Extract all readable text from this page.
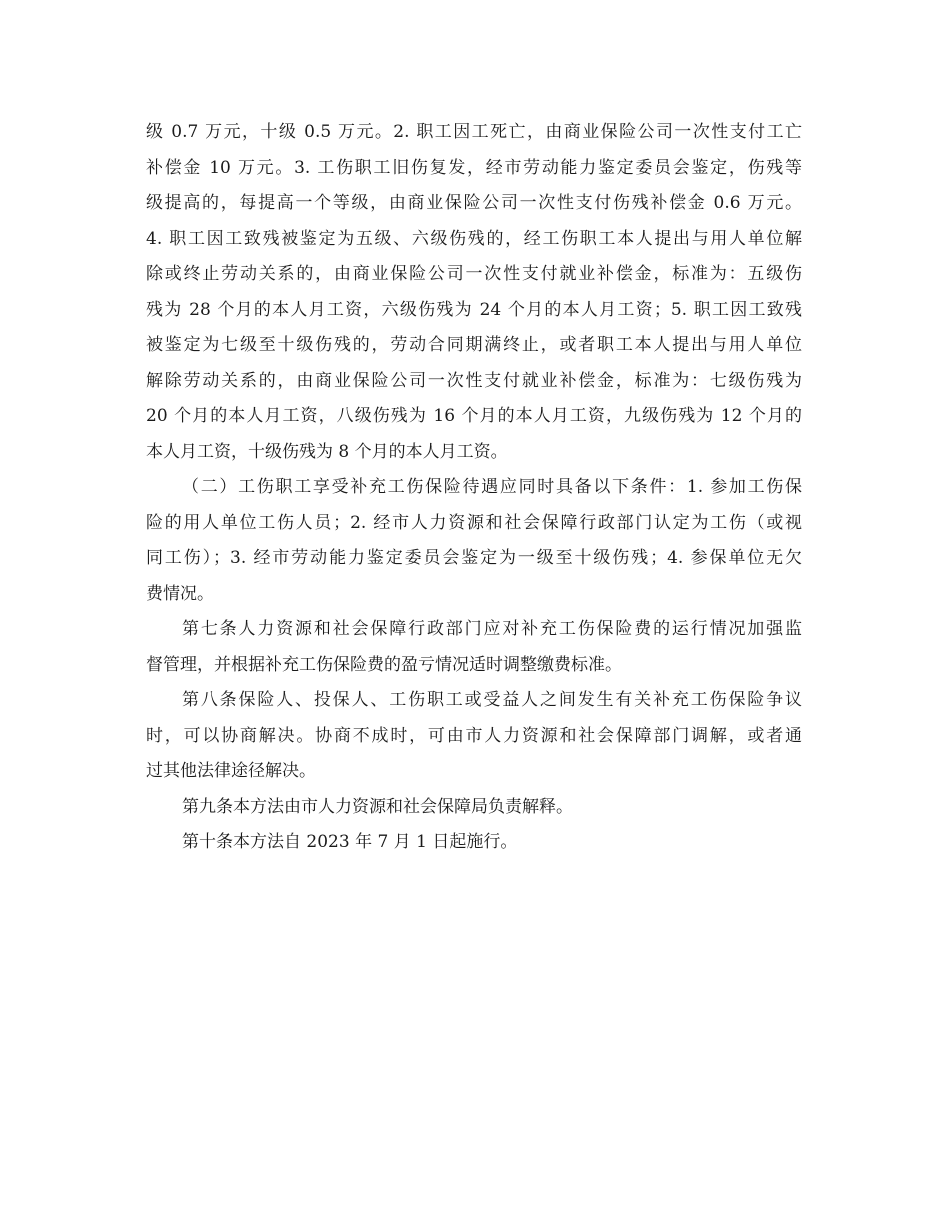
级 0.7 万元，十级 0.5 万元。2. 职工因工死亡，由商业保险公司一次性支付工亡
补偿金 10 万元。3. 工伤职工旧伤复发，经市劳动能力鉴定委员会鉴定，伤残等
级提高的，每提高一个等级，由商业保险公司一次性支付伤残补偿金 0.6 万元。
4. 职工因工致残被鉴定为五级、六级伤残的，经工伤职工本人提出与用人单位解
除或终止劳动关系的，由商业保险公司一次性支付就业补偿金，标准为：五级伤
残为 28 个月的本人月工资，六级伤残为 24 个月的本人月工资；5. 职工因工致残
被鉴定为七级至十级伤残的，劳动合同期满终止，或者职工本人提出与用人单位
解除劳动关系的，由商业保险公司一次性支付就业补偿金，标准为：七级伤残为
20 个月的本人月工资，八级伤残为 16 个月的本人月工资，九级伤残为 12 个月的
本人月工资，十级伤残为 8 个月的本人月工资。
（二）工伤职工享受补充工伤保险待遇应同时具备以下条件：1. 参加工伤保
险的用人单位工伤人员；2. 经市人力资源和社会保障行政部门认定为工伤（或视
同工伤）；3. 经市劳动能力鉴定委员会鉴定为一级至十级伤残；4. 参保单位无欠
费情况。
第七条人力资源和社会保障行政部门应对补充工伤保险费的运行情况加强监
督管理，并根据补充工伤保险费的盈亏情况适时调整缴费标准。
第八条保险人、投保人、工伤职工或受益人之间发生有关补充工伤保险争议
时，可以协商解决。协商不成时，可由市人力资源和社会保障部门调解，或者通
过其他法律途径解决。
第九条本方法由市人力资源和社会保障局负责解释。
第十条本方法自 2023 年 7 月 1 日起施行。
